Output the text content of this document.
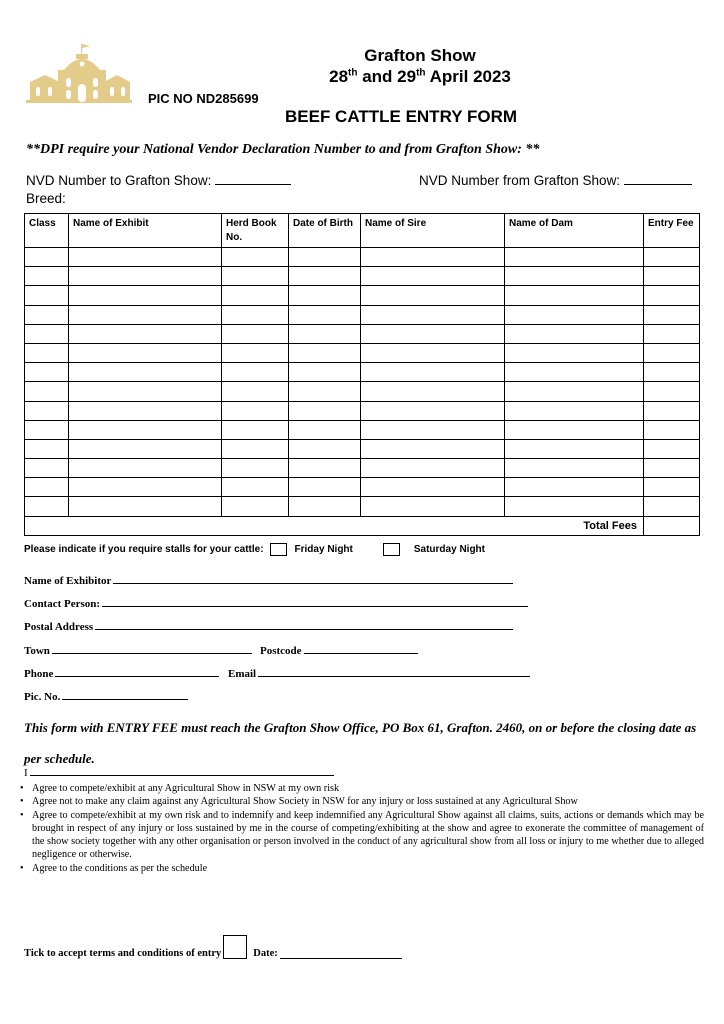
Grafton Show
28th and 29th April 2023
PIC NO ND285699
BEEF CATTLE ENTRY FORM
**DPI require your National Vendor Declaration Number to and from Grafton Show: **
NVD Number to Grafton Show:	NVD Number from Grafton Show:
Breed:
Class	Name of Exhibit	Herd Book No.	Date of Birth	Name of Sire	Name of Dam	Entry Fee

Total Fees						
Please indicate if you require stalls for your cattle:	Friday Night	Saturday Night
Name of Exhibitor
Contact Person:
Postal Address
Town	Postcode
Phone	Email
Pic. No.
This form with ENTRY FEE must reach the Grafton Show Office, PO Box 61, Grafton. 2460, on or before the closing date as per schedule.
I
• Agree to compete/exhibit at any Agricultural Show in NSW at my own risk
• Agree not to make any claim against any Agricultural Show Society in NSW for any injury or loss sustained at any Agricultural Show
• Agree to compete/exhibit at my own risk and to indemnify and keep indemnified any Agricultural Show against all claims, suits, actions or demands which may be brought in respect of any injury or loss sustained by me in the course of competing/exhibiting at the show and agree to exonerate the committee of management of the show society together with any other organisation or person involved in the conduct of any agricultural show from all loss or injury to me whether due to alleged negligence or otherwise.
• Agree to the conditions as per the schedule
Tick to accept terms and conditions of entry	Date:
